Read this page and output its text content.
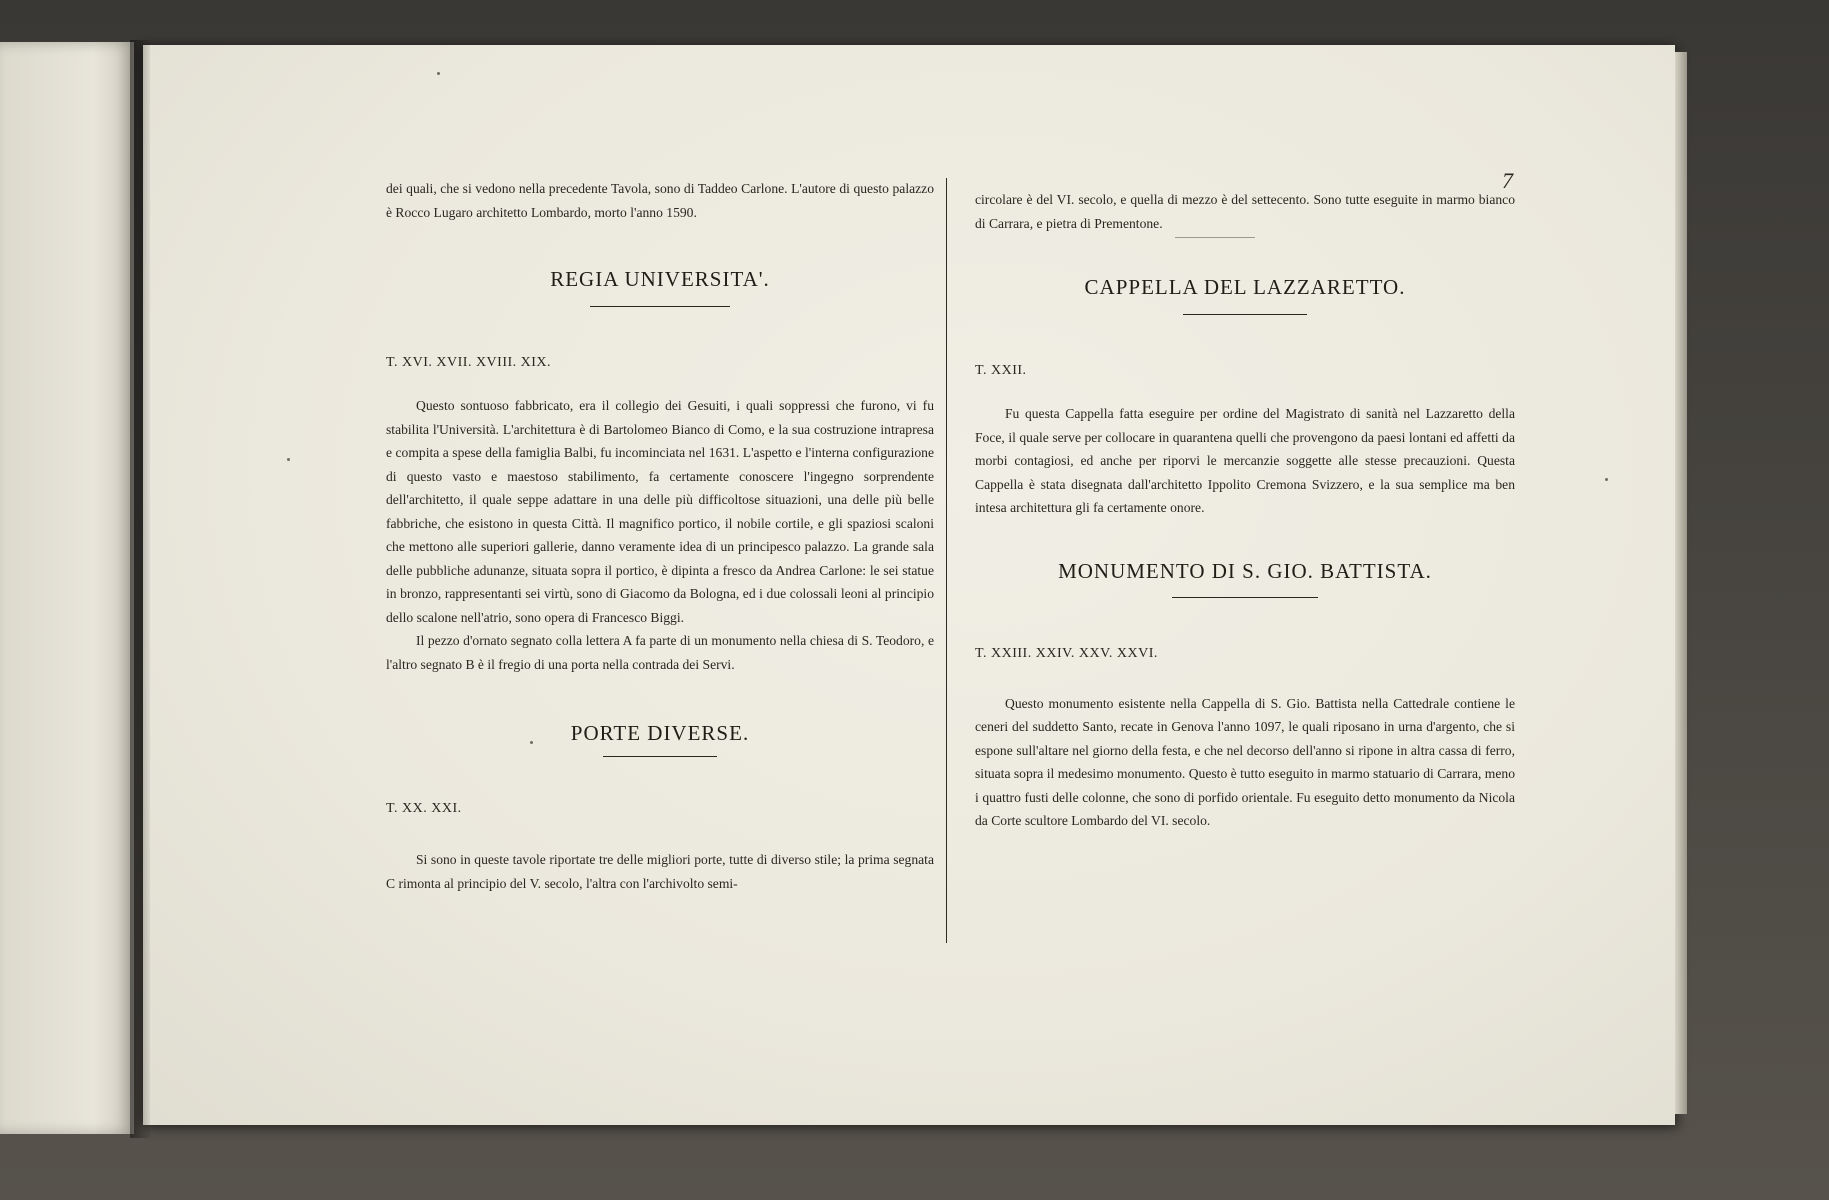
7

dei quali, che si vedono nella precedente Tavola, sono di Taddeo Carlone. L'autore di questo palazzo è Rocco Lugaro architetto Lombardo, morto l'anno 1590.

REGIA UNIVERSITA'.

T. XVI. XVII. XVIII. XIX.

Questo sontuoso fabbricato, era il collegio dei Gesuiti, i quali soppressi che furono, vi fu stabilita l'Università. L'architettura è di Bartolomeo Bianco di Como, e la sua costruzione intrapresa e compita a spese della famiglia Balbi, fu incominciata nel 1631. L'aspetto e l'interna configurazione di questo vasto e maestoso stabilimento, fa certamente conoscere l'ingegno sorprendente dell'architetto, il quale seppe adattare in una delle più difficoltose situazioni, una delle più belle fabbriche, che esistono in questa Città. Il magnifico portico, il nobile cortile, e gli spaziosi scaloni che mettono alle superiori gallerie, danno veramente idea di un principesco palazzo. La grande sala delle pubbliche adunanze, situata sopra il portico, è dipinta a fresco da Andrea Carlone: le sei statue in bronzo, rappresentanti sei virtù, sono di Giacomo da Bologna, ed i due colossali leoni al principio dello scalone nell'atrio, sono opera di Francesco Biggi.

Il pezzo d'ornato segnato colla lettera A fa parte di un monumento nella chiesa di S. Teodoro, e l'altro segnato B è il fregio di una porta nella contrada dei Servi.

PORTE DIVERSE.

T. XX. XXI.

Si sono in queste tavole riportate tre delle migliori porte, tutte di diverso stile; la prima segnata C rimonta al principio del V. secolo, l'altra con l'archivolto semi-

circolare è del VI. secolo, e quella di mezzo è del settecento. Sono tutte eseguite in marmo bianco di Carrara, e pietra di Prementone.

CAPPELLA DEL LAZZARETTO.

T. XXII.

Fu questa Cappella fatta eseguire per ordine del Magistrato di sanità nel Lazzaretto della Foce, il quale serve per collocare in quarantena quelli che provengono da paesi lontani ed affetti da morbi contagiosi, ed anche per riporvi le mercanzie soggette alle stesse precauzioni. Questa Cappella è stata disegnata dall'architetto Ippolito Cremona Svizzero, e la sua semplice ma ben intesa architettura gli fa certamente onore.

MONUMENTO DI S. GIO. BATTISTA.

T. XXIII. XXIV. XXV. XXVI.

Questo monumento esistente nella Cappella di S. Gio. Battista nella Cattedrale contiene le ceneri del suddetto Santo, recate in Genova l'anno 1097, le quali riposano in urna d'argento, che si espone sull'altare nel giorno della festa, e che nel decorso dell'anno si ripone in altra cassa di ferro, situata sopra il medesimo monumento. Questo è tutto eseguito in marmo statuario di Carrara, meno i quattro fusti delle colonne, che sono di porfido orientale. Fu eseguito detto monumento da Nicola da Corte scultore Lombardo del VI. secolo.
